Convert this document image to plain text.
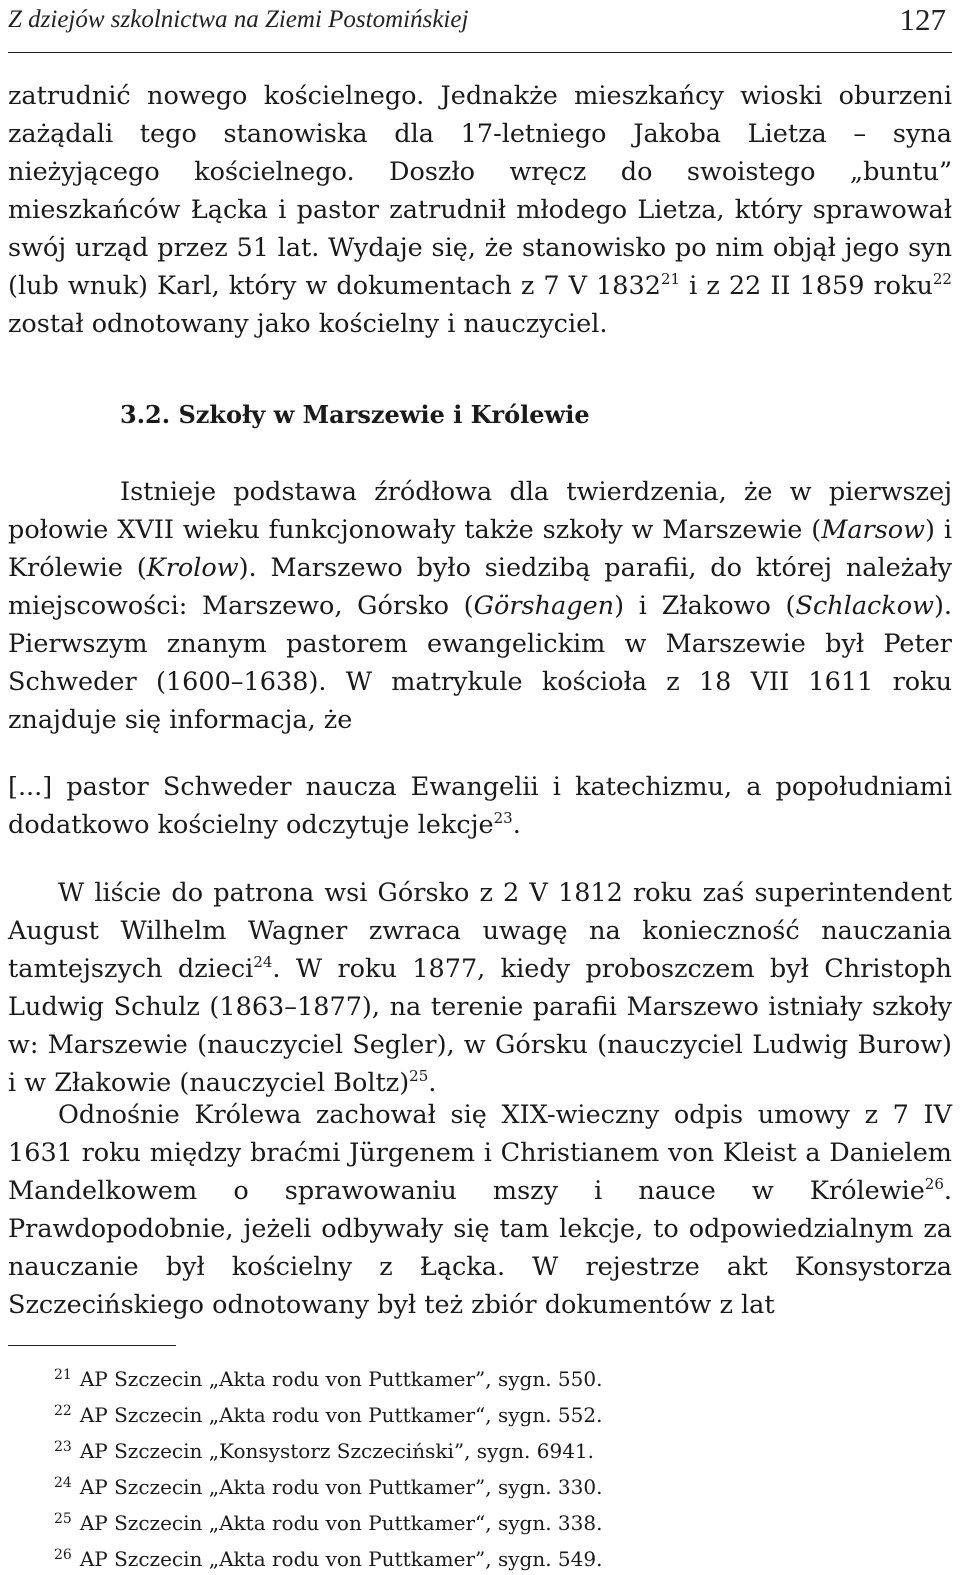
Z dziejów szkolnictwa na Ziemi Postomińskiej	127

zatrudnić nowego kościelnego. Jednakże mieszkańcy wioski oburzeni zażądali tego stanowiska dla 17-letniego Jakoba Lietza – syna nieżyjącego kościelnego. Doszło wręcz do swoistego „buntu” mieszkańców Łącka i pastor zatrudnił młodego Lietza, który sprawował swój urząd przez 51 lat. Wydaje się, że stanowisko po nim objął jego syn (lub wnuk) Karl, który w dokumentach z 7 V 1832$^{21}$ i z 22 II 1859 roku$^{22}$ został odnotowany jako kościelny i nauczyciel.

3.2. Szkoły w Marszewie i Królewie

Istnieje podstawa źródłowa dla twierdzenia, że w pierwszej połowie XVII wieku funkcjonowały także szkoły w Marszewie (Marsow) i Królewie (Krolow). Marszewo było siedzibą parafii, do której należały miejscowości: Marszewo, Górsko (Görshagen) i Złakowo (Schlackow). Pierwszym znanym pastorem ewangelickim w Marszewie był Peter Schweder (1600–1638). W matrykule kościoła z 18 VII 1611 roku znajduje się informacja, że

[...] pastor Schweder naucza Ewangelii i katechizmu, a popołudniami dodatkowo kościelny odczytuje lekcje$^{23}$.

W liście do patrona wsi Górsko z 2 V 1812 roku zaś superintendent August Wilhelm Wagner zwraca uwagę na konieczność nauczania tamtejszych dzieci$^{24}$. W roku 1877, kiedy proboszczem był Christoph Ludwig Schulz (1863–1877), na terenie parafii Marszewo istniały szkoły w: Marszewie (nauczyciel Segler), w Górsku (nauczyciel Ludwig Burow) i w Złakowie (nauczyciel Boltz)$^{25}$.

Odnośnie Królewa zachował się XIX-wieczny odpis umowy z 7 IV 1631 roku między braćmi Jürgenem i Christianem von Kleist a Danielem Mandelkowem o sprawowaniu mszy i nauce w Królewie$^{26}$. Prawdopodobnie, jeżeli odbywały się tam lekcje, to odpowiedzialnym za nauczanie był kościelny z Łącka. W rejestrze akt Konsystorza Szczecińskiego odnotowany był też zbiór dokumentów z lat

$^{21}$ AP Szczecin „Akta rodu von Puttkamer”, sygn. 550.
$^{22}$ AP Szczecin „Akta rodu von Puttkamer“, sygn. 552.
$^{23}$ AP Szczecin „Konsystorz Szczeciński”, sygn. 6941.
$^{24}$ AP Szczecin „Akta rodu von Puttkamer”, sygn. 330.
$^{25}$ AP Szczecin „Akta rodu von Puttkamer“, sygn. 338.
$^{26}$ AP Szczecin „Akta rodu von Puttkamer”, sygn. 549.
